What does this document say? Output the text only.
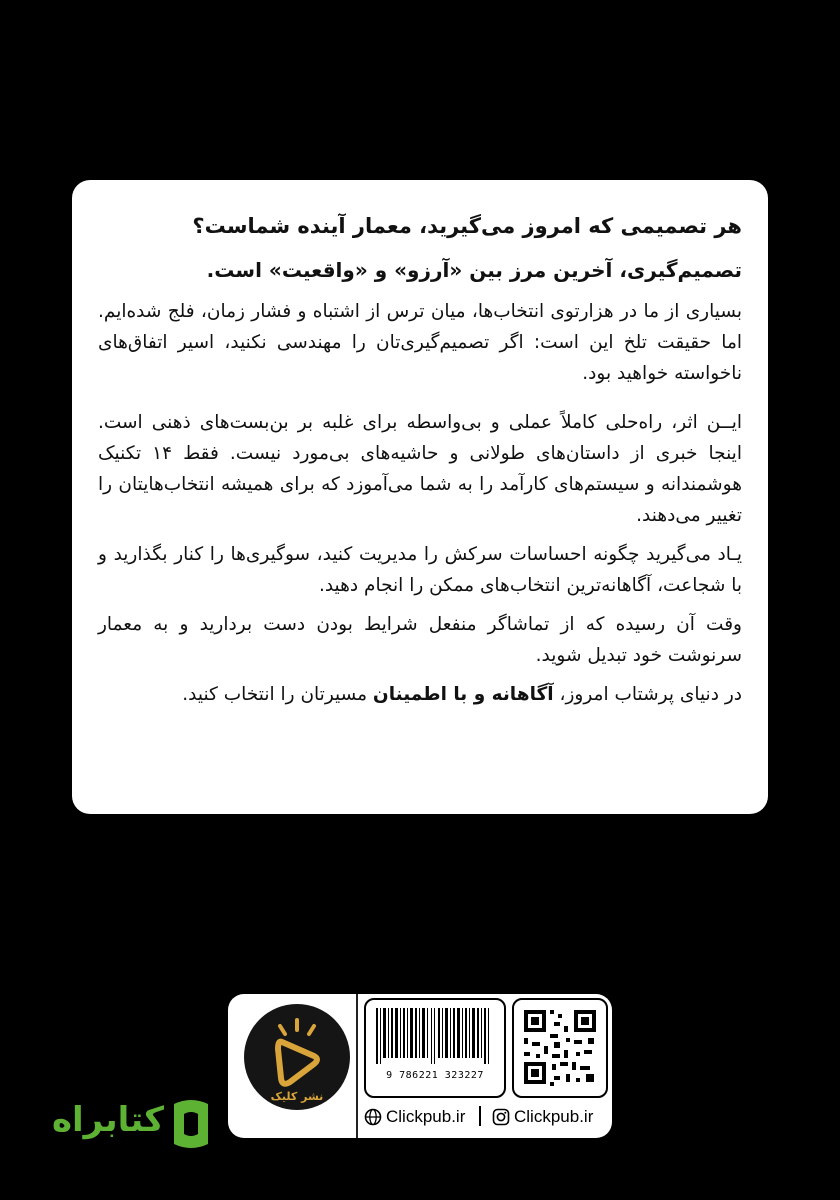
هر تصمیمی که امروز می‌گیرید، معمار آینده شماست؟
تصمیم‌گیری، آخرین مرز بین «آرزو» و «واقعیت» است.

بسیاری از ما در هزارتوی انتخاب‌ها، میان ترس از اشتباه و فشار زمان، فلج شده‌ایم. اما حقیقت تلخ این است: اگر تصمیم‌گیری‌تان را مهندسی نکنید، اسیر اتفاق‌های ناخواسته خواهید بود.

ایــن اثر، راه‌حلی کاملاً عملی و بی‌واسطه برای غلبه بر بن‌بست‌های ذهنی است. اینجا خبری از داستان‌های طولانی و حاشیه‌های بی‌مورد نیست. فقط ۱۴ تکنیک هوشمندانه و سیستم‌های کارآمد را به شما می‌آموزد که برای همیشه انتخاب‌هایتان را تغییر می‌دهند.

یـاد می‌گیرید چگونه احساسات سرکش را مدیریت کنید، سوگیری‌ها را کنار بگذارید و با شجاعت، آگاهانه‌ترین انتخاب‌های ممکن را انجام دهید.

وقت آن رسیده که از تماشاگر منفعل شرایط بودن دست بردارید و به معمار سرنوشت خود تبدیل شوید.

در دنیای پرشتاب امروز، آگاهانه و با اطمینان مسیرتان را انتخاب کنید.

نشر کلیک
9 786221 323227
Clickpub.ir	Clickpub.ir
کتابراه
